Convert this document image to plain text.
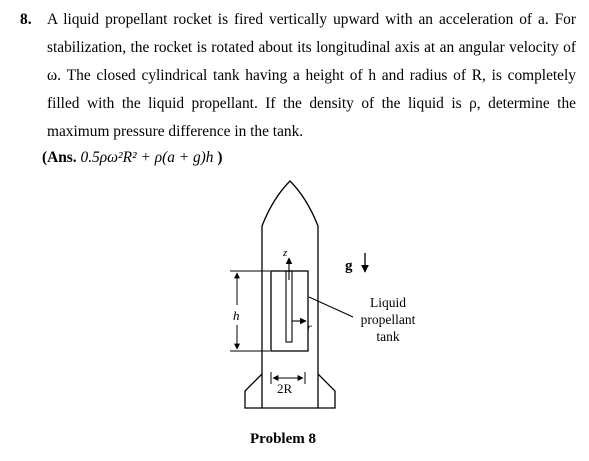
8. A liquid propellant rocket is fired vertically upward with an acceleration of a. For stabilization, the rocket is rotated about its longitudinal axis at an angular velocity of ω. The closed cylindrical tank having a height of h and radius of R, is completely filled with the liquid propellant. If the density of the liquid is ρ, determine the maximum pressure difference in the tank.
(Ans. 0.5ρω²R² + ρ(a + g)h )
z
r
h
2R
g
Liquid
propellant
tank
Problem 8
